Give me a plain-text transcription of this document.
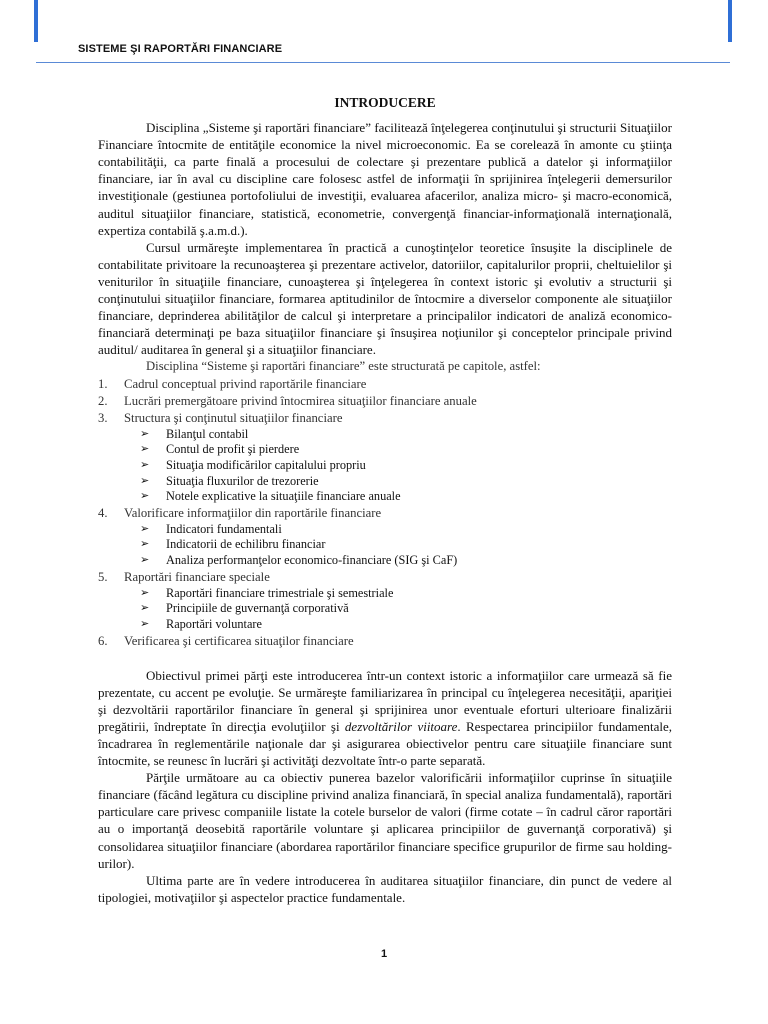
SISTEME ŞI RAPORTĂRI FINANCIARE
INTRODUCERE

Disciplina „Sisteme şi raportări financiare” facilitează înţelegerea conţinutului şi structurii Situaţiilor Financiare întocmite de entităţile economice la nivel microeconomic. Ea se corelează în amonte cu ştiinţa contabilităţii, ca parte finală a procesului de colectare şi prezentare publică a datelor şi informaţiilor financiare, iar în aval cu discipline care folosesc astfel de informaţii în sprijinirea înţelegerii demersurilor investiţionale (gestiunea portofoliului de investiţii, evaluarea afacerilor, analiza micro- şi macro-economică, auditul situaţiilor financiare, statistică, econometrie, convergenţă financiar-informaţională internaţională, expertiza contabilă ş.a.m.d.).

Cursul urmăreşte implementarea în practică a cunoştinţelor teoretice însuşite la disciplinele de contabilitate privitoare la recunoaşterea şi prezentare activelor, datoriilor, capitalurilor proprii, cheltuielilor şi veniturilor în situaţiile financiare, cunoaşterea şi înţelegerea în context istoric şi evolutiv a structurii şi conţinutului situaţiilor financiare, formarea aptitudinilor de întocmire a diverselor componente ale situaţiilor financiare, deprinderea abilităţilor de calcul şi interpretare a principalilor indicatori de analiză economico-financiară determinaţi pe baza situaţiilor financiare şi însuşirea noţiunilor şi conceptelor principale privind auditul/ auditarea în general şi a situaţiilor financiare.

Disciplina “Sisteme şi raportări financiare” este structurată pe capitole, astfel:

1. Cadrul conceptual privind raportările financiare
2. Lucrări premergătoare privind întocmirea situaţiilor financiare anuale
3. Structura şi conţinutul situaţiilor financiare
➢ Bilanţul contabil
➢ Contul de profit şi pierdere
➢ Situaţia modificărilor capitalului propriu
➢ Situaţia fluxurilor de trezorerie
➢ Notele explicative la situaţiile financiare anuale
4. Valorificare informaţiilor din raportările financiare
➢ Indicatori fundamentali
➢ Indicatorii de echilibru financiar
➢ Analiza performanţelor economico-financiare (SIG şi CaF)
5. Raportări financiare speciale
➢ Raportări financiare trimestriale şi semestriale
➢ Principiile de guvernanţă corporativă
➢ Raportări voluntare
6. Verificarea şi certificarea situaţilor financiare

Obiectivul primei părţi este introducerea într-un context istoric a informaţiilor care urmează să fie prezentate, cu accent pe evoluţie. Se urmăreşte familiarizarea în principal cu înţelegerea necesităţii, apariţiei şi dezvoltării raportărilor financiare în general şi sprijinirea unor eventuale eforturi ulterioare finalizării pregătirii, îndreptate în direcţia evoluţiilor şi dezvoltărilor viitoare. Respectarea principiilor fundamentale, încadrarea în reglementările naţionale dar şi asigurarea obiectivelor pentru care situaţiile financiare sunt întocmite, se reunesc în lucrări şi activităţi dezvoltate într-o parte separată.

Părţile următoare au ca obiectiv punerea bazelor valorificării informaţiilor cuprinse în situaţiile financiare (făcând legătura cu discipline privind analiza financiară, în special analiza fundamentală), raportări particulare care privesc companiile listate la cotele burselor de valori (firme cotate – în cadrul căror raportări au o importanţă deosebită raportările voluntare şi aplicarea principiilor de guvernanţă corporativă) şi consolidarea situaţiilor financiare (abordarea raportărilor financiare specifice grupurilor de firme sau holding-urilor).

Ultima parte are în vedere introducerea în auditarea situaţiilor financiare, din punct de vedere al tipologiei, motivaţiilor şi aspectelor practice fundamentale.

1
